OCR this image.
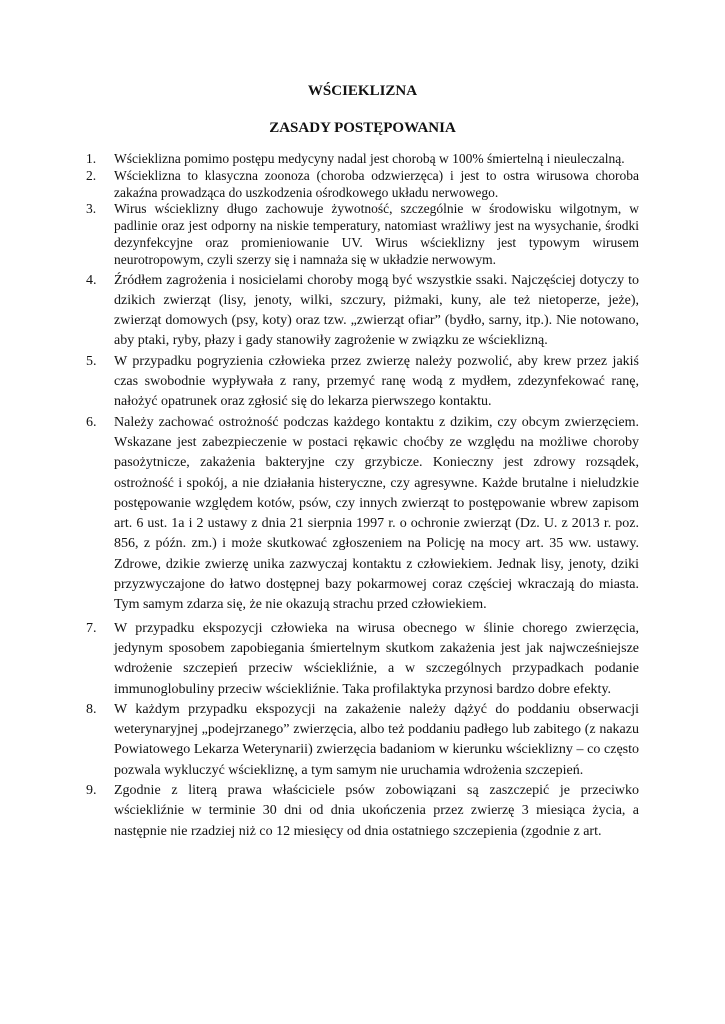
WŚCIEKLIZNA
ZASADY POSTĘPOWANIA
1. Wścieklizna pomimo postępu medycyny nadal jest chorobą w 100% śmiertelną i nieuleczalną.
2. Wścieklizna to klasyczna zoonoza (choroba odzwierzęca) i jest to ostra wirusowa choroba zakaźna prowadząca do uszkodzenia ośrodkowego układu nerwowego.
3. Wirus wścieklizny długo zachowuje żywotność, szczególnie w środowisku wilgotnym, w padlinie oraz jest odporny na niskie temperatury, natomiast wrażliwy jest na wysychanie, środki dezynfekcyjne oraz promieniowanie UV. Wirus wścieklizny jest typowym wirusem neurotropowym, czyli szerzy się i namnaża się w układzie nerwowym.
4. Źródłem zagrożenia i nosicielami choroby mogą być wszystkie ssaki. Najczęściej dotyczy to dzikich zwierząt (lisy, jenoty, wilki, szczury, piżmaki, kuny, ale też nietoperze, jeże), zwierząt domowych (psy, koty) oraz tzw. „zwierząt ofiar” (bydło, sarny, itp.). Nie notowano, aby ptaki, ryby, płazy i gady stanowiły zagrożenie w związku ze wścieklizną.
5. W przypadku pogryzienia człowieka przez zwierzę należy pozwolić, aby krew przez jakiś czas swobodnie wypływała z rany, przemyć ranę wodą z mydłem, zdezynfekować ranę, nałożyć opatrunek oraz zgłosić się do lekarza pierwszego kontaktu.
6. Należy zachować ostrożność podczas każdego kontaktu z dzikim, czy obcym zwierzęciem. Wskazane jest zabezpieczenie w postaci rękawic choćby ze względu na możliwe choroby pasożytnicze, zakażenia bakteryjne czy grzybicze. Konieczny jest zdrowy rozsądek, ostrożność i spokój, a nie działania histeryczne, czy agresywne. Każde brutalne i nieludzkie postępowanie względem kotów, psów, czy innych zwierząt to postępowanie wbrew zapisom art. 6 ust. 1a i 2 ustawy z dnia 21 sierpnia 1997 r. o ochronie zwierząt (Dz. U. z 2013 r. poz. 856, z późn. zm.) i może skutkować zgłoszeniem na Policję na mocy art. 35 ww. ustawy. Zdrowe, dzikie zwierzę unika zazwyczaj kontaktu z człowiekiem. Jednak lisy, jenoty, dziki przyzwyczajone do łatwo dostępnej bazy pokarmowej coraz częściej wkraczają do miasta. Tym samym zdarza się, że nie okazują strachu przed człowiekiem.
7. W przypadku ekspozycji człowieka na wirusa obecnego w ślinie chorego zwierzęcia, jedynym sposobem zapobiegania śmiertelnym skutkom zakażenia jest jak najwcześniejsze wdrożenie szczepień przeciw wściekliźnie, a w szczególnych przypadkach podanie immunoglobuliny przeciw wściekliźnie. Taka profilaktyka przynosi bardzo dobre efekty.
8. W każdym przypadku ekspozycji na zakażenie należy dążyć do poddaniu obserwacji weterynaryjnej „podejrzanego” zwierzęcia, albo też poddaniu padłego lub zabitego (z nakazu Powiatowego Lekarza Weterynarii) zwierzęcia badaniom w kierunku wścieklizny – co często pozwala wykluczyć wściekliznę, a tym samym nie uruchamia wdrożenia szczepień.
9. Zgodnie z literą prawa właściciele psów zobowiązani są zaszczepić je przeciwko wściekliźnie w terminie 30 dni od dnia ukończenia przez zwierzę 3 miesiąca życia, a następnie nie rzadziej niż co 12 miesięcy od dnia ostatniego szczepienia (zgodnie z art.
